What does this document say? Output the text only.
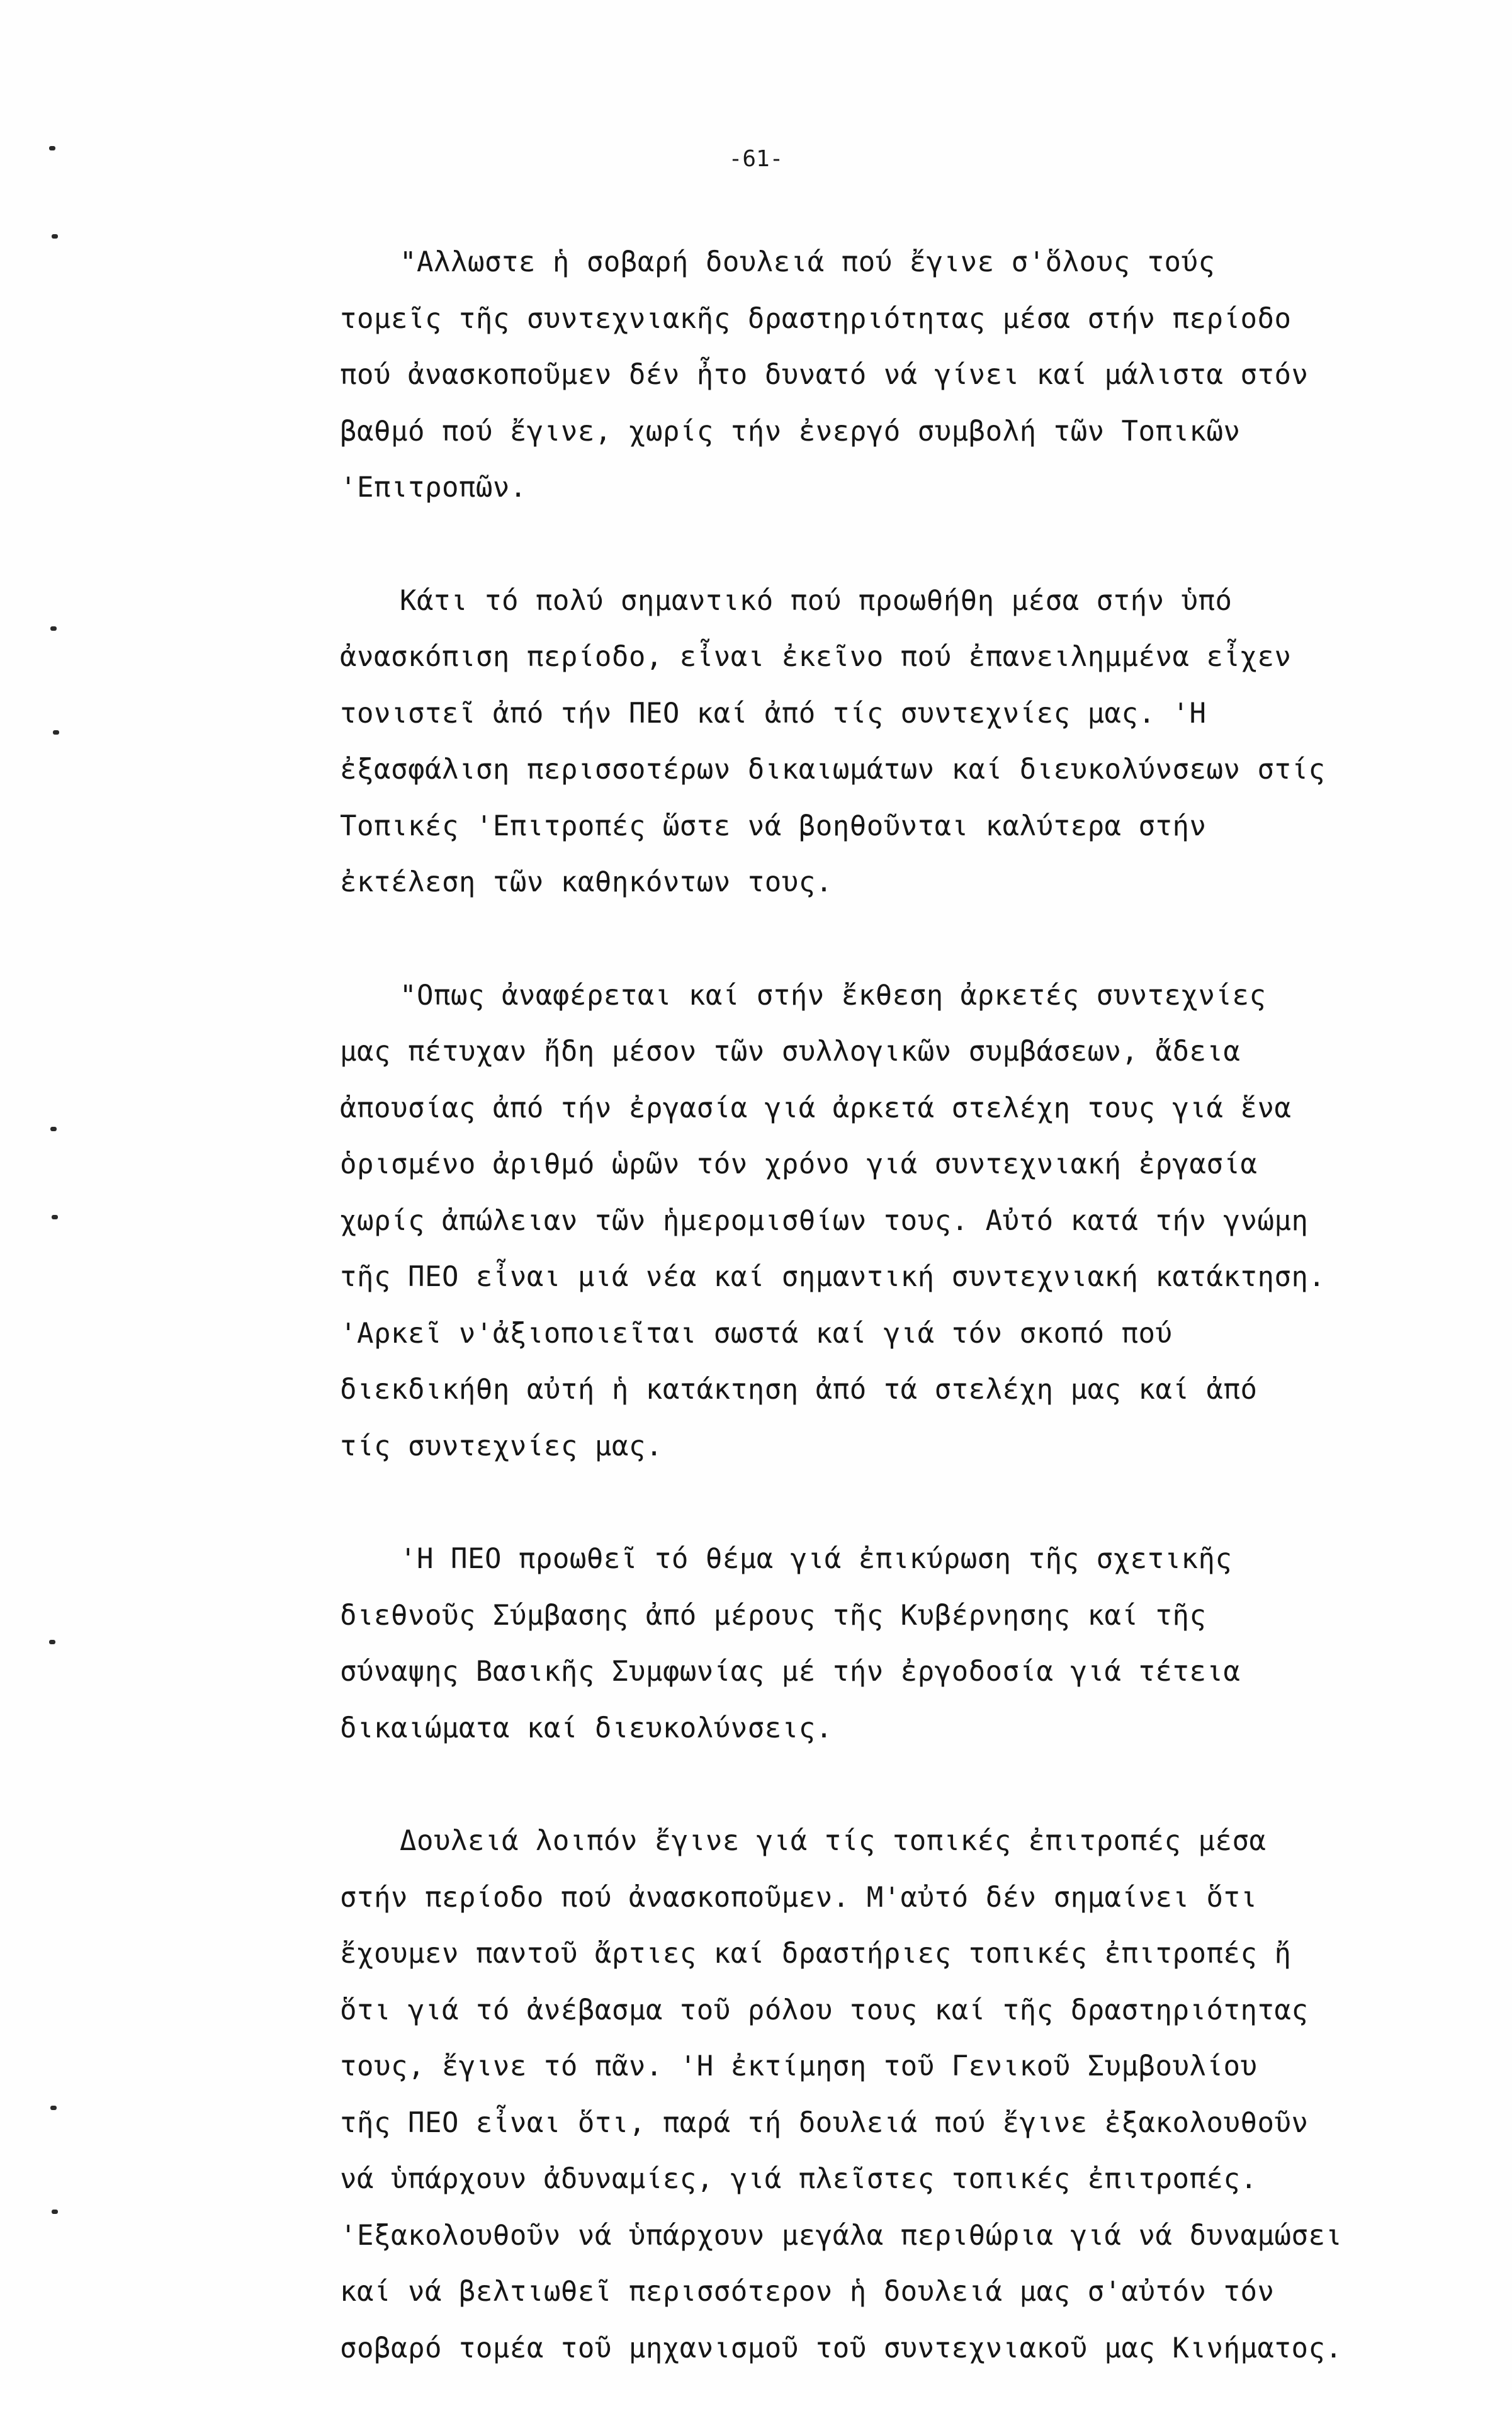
-61-
"Αλλωστε ἡ σοβαρή δουλειά πού ἔγινε σ'ὅλους τούς
τομεῖς τῆς συντεχνιακῆς δραστηριότητας μέσα στήν περίοδο
πού ἀνασκοποῦμεν δέν ἦτο δυνατό νά γίνει καί μάλιστα στόν
βαθμό πού ἔγινε, χωρίς τήν ἐνεργό συμβολή τῶν Τοπικῶν
'Επιτροπῶν.
Κάτι τό πολύ σημαντικό πού προωθήθη μέσα στήν ὑπό
ἀνασκόπιση περίοδο, εἶναι ἐκεῖνο πού ἐπανειλημμένα εἶχεν
τονιστεῖ ἀπό τήν ΠΕΟ καί ἀπό τίς συντεχνίες μας. 'Η
ἐξασφάλιση περισσοτέρων δικαιωμάτων καί διευκολύνσεων στίς
Τοπικές 'Επιτροπές ὥστε νά βοηθοῦνται καλύτερα στήν
ἐκτέλεση τῶν καθηκόντων τους.
"Οπως ἀναφέρεται καί στήν ἔκθεση ἀρκετές συντεχνίες
μας πέτυχαν ἤδη μέσον τῶν συλλογικῶν συμβάσεων, ἄδεια
ἀπουσίας ἀπό τήν ἐργασία γιά ἀρκετά στελέχη τους γιά ἕνα
ὁρισμένο ἀριθμό ὡρῶν τόν χρόνο γιά συντεχνιακή ἐργασία
χωρίς ἀπώλειαν τῶν ἡμερομισθίων τους. Αὐτό κατά τήν γνώμη
τῆς ΠΕΟ εἶναι μιά νέα καί σημαντική συντεχνιακή κατάκτηση.
'Αρκεῖ ν'ἀξιοποιεῖται σωστά καί γιά τόν σκοπό πού
διεκδικήθη αὐτή ἡ κατάκτηση ἀπό τά στελέχη μας καί ἀπό
τίς συντεχνίες μας.
'Η ΠΕΟ προωθεῖ τό θέμα γιά ἐπικύρωση τῆς σχετικῆς
διεθνοῦς Σύμβασης ἀπό μέρους τῆς Κυβέρνησης καί τῆς
σύναψης Βασικῆς Συμφωνίας μέ τήν ἐργοδοσία γιά τέτεια
δικαιώματα καί διευκολύνσεις.
Δουλειά λοιπόν ἔγινε γιά τίς τοπικές ἐπιτροπές μέσα
στήν περίοδο πού ἀνασκοποῦμεν. Μ'αὐτό δέν σημαίνει ὅτι
ἔχουμεν παντοῦ ἄρτιες καί δραστήριες τοπικές ἐπιτροπές ἤ
ὅτι γιά τό ἀνέβασμα τοῦ ρόλου τους καί τῆς δραστηριότητας
τους, ἔγινε τό πᾶν. 'Η ἐκτίμηση τοῦ Γενικοῦ Συμβουλίου
τῆς ΠΕΟ εἶναι ὅτι, παρά τή δουλειά πού ἔγινε ἐξακολουθοῦν
νά ὑπάρχουν ἀδυναμίες, γιά πλεῖστες τοπικές ἐπιτροπές.
'Εξακολουθοῦν νά ὑπάρχουν μεγάλα περιθώρια γιά νά δυναμώσει
καί νά βελτιωθεῖ περισσότερον ἡ δουλειά μας σ'αὐτόν τόν
σοβαρό τομέα τοῦ μηχανισμοῦ τοῦ συντεχνιακοῦ μας Κινήματος.
